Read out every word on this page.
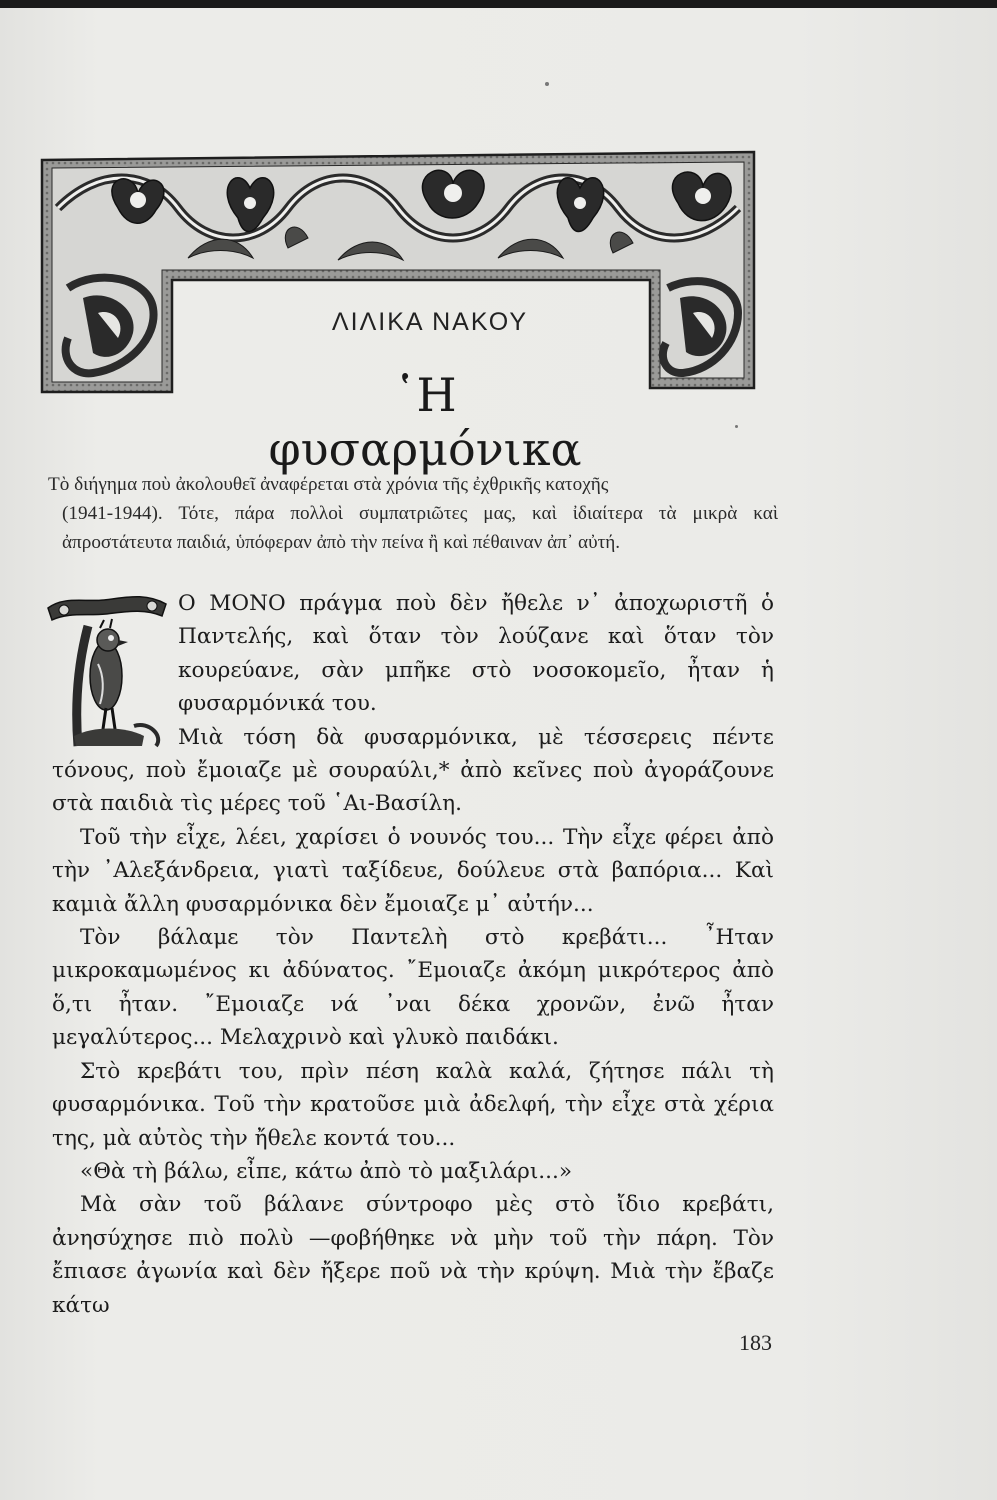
ΛΙΛΙΚΑ ΝΑΚΟΥ
῾Η φυσαρμόνικα
Τὸ διήγημα ποὺ ἀκολουθεῖ ἀναφέρεται στὰ χρόνια τῆς ἐχθρικῆς κατοχῆς
(1941-1944). Τότε, πάρα πολλοὶ συμπατριῶτες μας, καὶ ἰδιαίτερα τὰ μικρὰ καὶ ἀπροστάτευτα παιδιά, ὑπόφεραν ἀπὸ τὴν πείνα ἢ καὶ πέθαιναν ἀπ᾽ αὐτή.

Ο ΜΟΝΟ πράγμα ποὺ δὲν ἤθελε ν᾽ ἀποχωριστῆ ὁ Παντελής, καὶ ὅταν τὸν λούζανε καὶ ὅταν τὸν κουρεύανε, σὰν μπῆκε στὸ νοσοκομεῖο, ἦταν ἡ φυσαρμόνικά του.

Μιὰ τόση δὰ φυσαρμόνικα, μὲ τέσσερεις πέντε τόνους, ποὺ ἔμοιαζε μὲ σουραύλι,* ἀπὸ κεῖνες ποὺ ἀγοράζουνε στὰ παιδιὰ τὶς μέρες τοῦ ῾Αι-Βασίλη.

Τοῦ τὴν εἶχε, λέει, χαρίσει ὁ νουνός του... Τὴν εἶχε φέρει ἀπὸ τὴν ᾽Αλεξάνδρεια, γιατὶ ταξίδευε, δούλευε στὰ βαπόρια... Καὶ καμιὰ ἄλλη φυσαρμόνικα δὲν ἔμοιαζε μ᾽ αὐτήν...

Τὸν βάλαμε τὸν Παντελὴ στὸ κρεβάτι... ῏Ηταν μικροκαμωμένος κι ἀδύνατος. ῎Εμοιαζε ἀκόμη μικρότερος ἀπὸ ὅ,τι ἦταν. ῎Εμοιαζε νά ᾽ναι δέκα χρονῶν, ἐνῶ ἦταν μεγαλύτερος... Μελαχρινὸ καὶ γλυκὸ παιδάκι.

Στὸ κρεβάτι του, πρὶν πέση καλὰ καλά, ζήτησε πάλι τὴ φυσαρμόνικα. Τοῦ τὴν κρατοῦσε μιὰ ἀδελφή, τὴν εἶχε στὰ χέρια της, μὰ αὐτὸς τὴν ἤθελε κοντά του...

«Θὰ τὴ βάλω, εἶπε, κάτω ἀπὸ τὸ μαξιλάρι...»

Μὰ σὰν τοῦ βάλανε σύντροφο μὲς στὸ ἴδιο κρεβάτι, ἀνησύχησε πιὸ πολὺ —φοβήθηκε νὰ μὴν τοῦ τὴν πάρη. Τὸν ἔπιασε ἀγωνία καὶ δὲν ἤξερε ποῦ νὰ τὴν κρύψη. Μιὰ τὴν ἔβαζε κάτω

183
